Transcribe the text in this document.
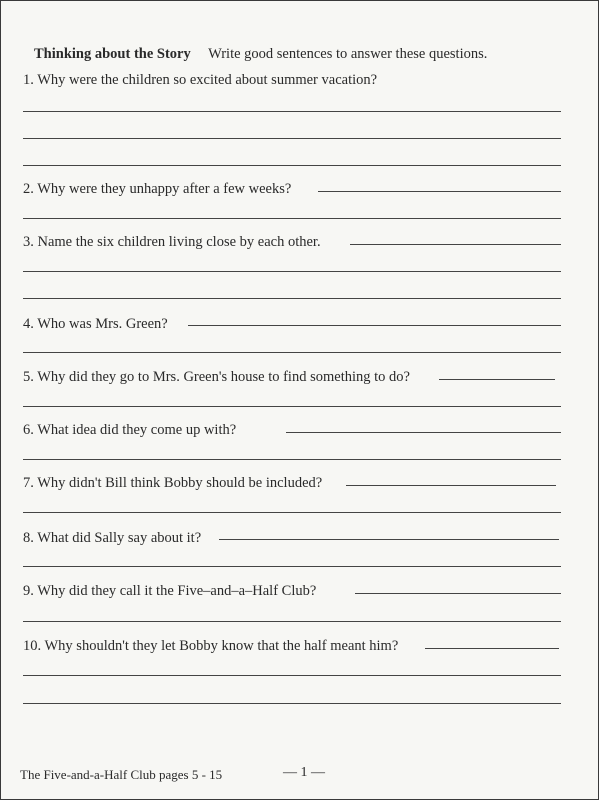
Thinking about the Story Write good sentences to answer these questions.
1. Why were the children so excited about summer vacation?
2. Why were they unhappy after a few weeks?
3. Name the six children living close by each other.
4. Who was Mrs. Green?
5. Why did they go to Mrs. Green's house to find something to do?
6. What idea did they come up with?
7. Why didn't Bill think Bobby should be included?
8. What did Sally say about it?
9. Why did they call it the Five–and–a–Half Club?
10. Why shouldn't they let Bobby know that the half meant him?
The Five-and-a-Half Club pages 5 - 15	— 1 —
